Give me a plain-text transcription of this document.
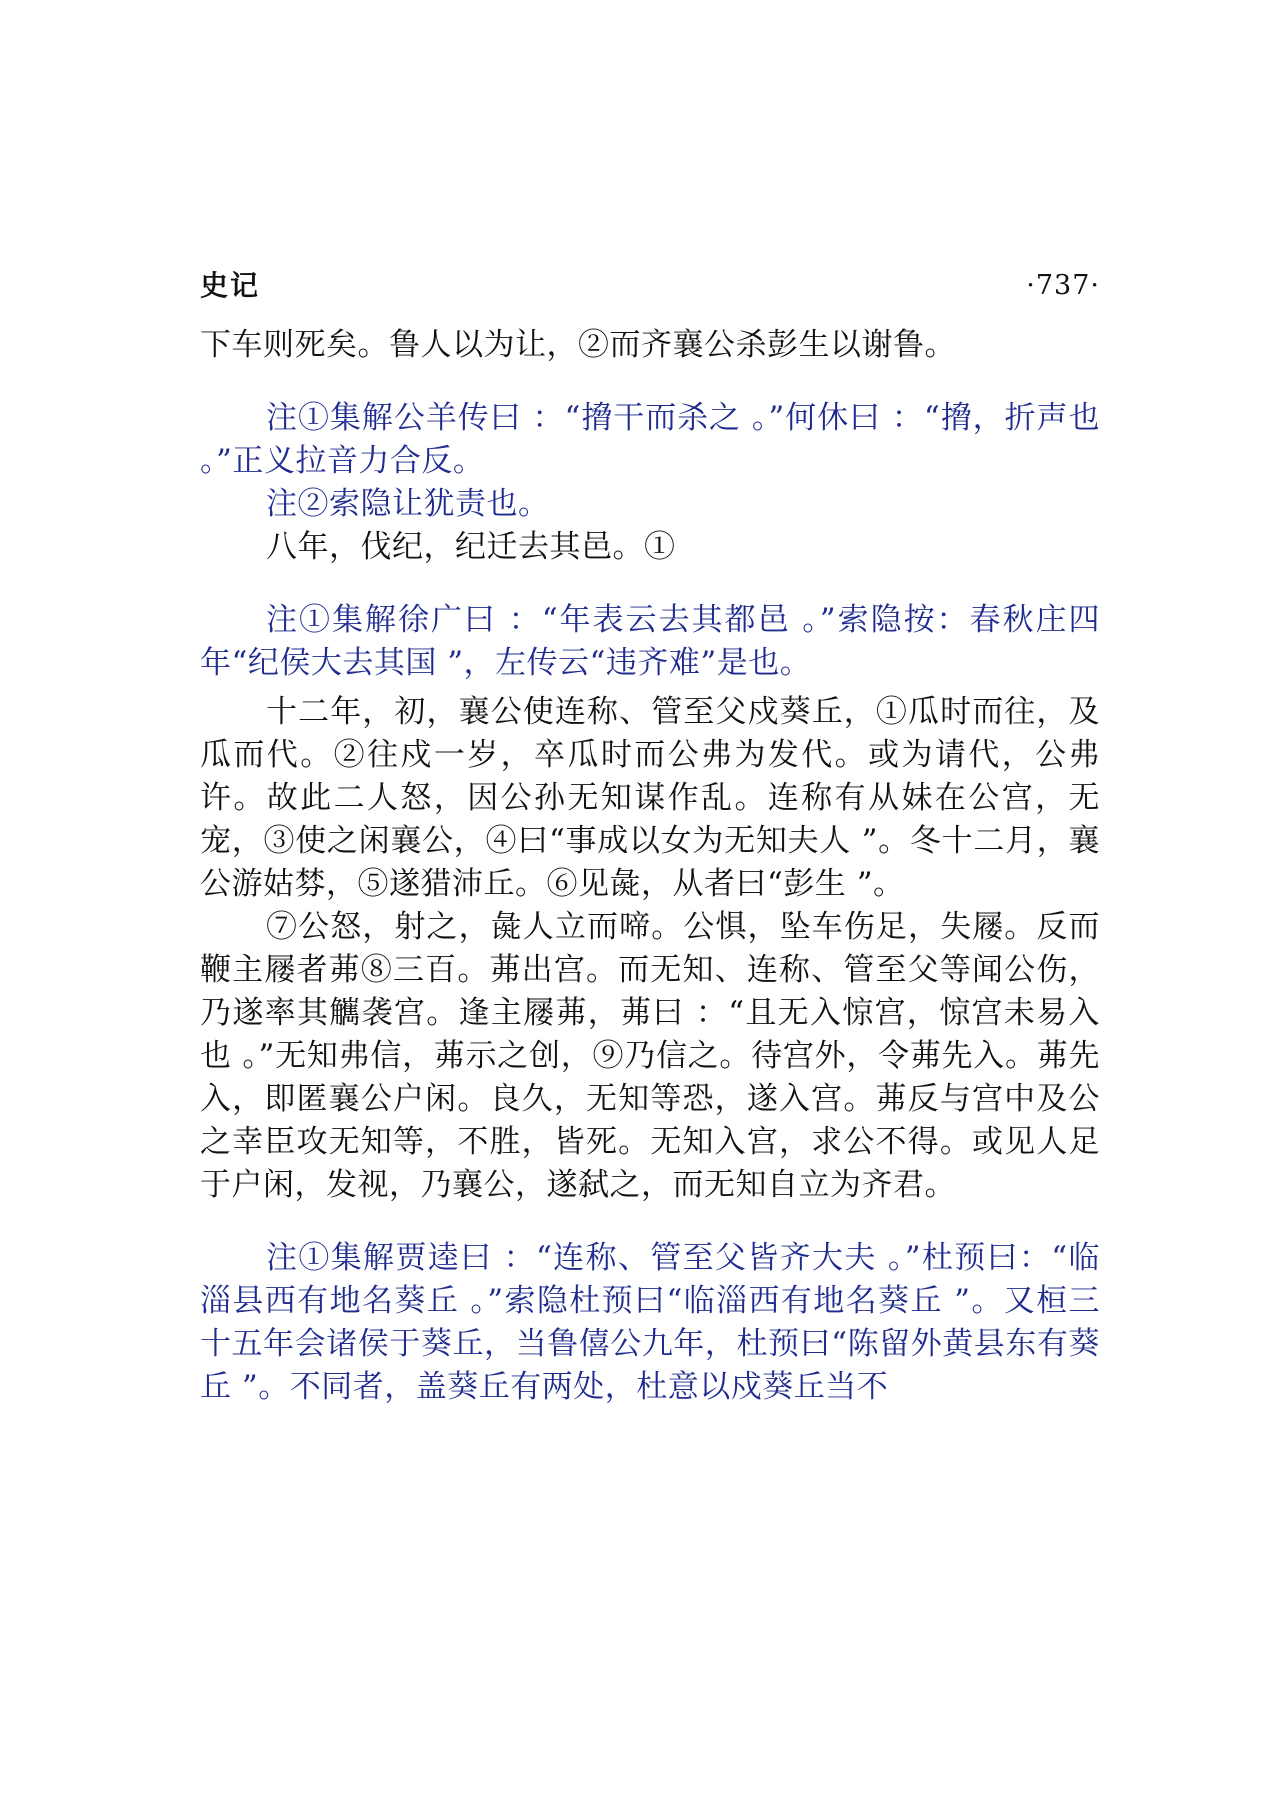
史记	·737·

下车则死矣。鲁人以为让，②而齐襄公杀彭生以谢鲁。

注①集解公羊传曰 ：“搚干而杀之 。”何休曰 ：“搚，折声也 。”正义拉音力合反。

注②索隐让犹责也。

八年，伐纪，纪迁去其邑。①

注①集解徐广曰 ：“年表云去其都邑 。”索隐按：春秋庄四年“纪侯大去其国 ”，左传云“违齐难”是也。

十二年，初，襄公使连称、管至父戍葵丘，①瓜时而往，及瓜而代。②往戍一岁，卒瓜时而公弗为发代。或为请代，公弗许。故此二人怒，因公孙无知谋作乱。连称有从妹在公宫，无宠，③使之闲襄公，④曰“事成以女为无知夫人 ”。冬十二月，襄公游姑棼，⑤遂猎沛丘。⑥见彘，从者曰“彭生 ”。

⑦公怒，射之，彘人立而啼。公惧，坠车伤足，失屦。反而鞭主屦者茀⑧三百。茀出宫。而无知、连称、管至父等闻公伤，乃遂率其觽袭宫。逢主屦茀，茀曰 ：“且无入惊宫，惊宫未易入也 。”无知弗信，茀示之创，⑨乃信之。待宫外，令茀先入。茀先入，即匿襄公户闲。良久，无知等恐，遂入宫。茀反与宫中及公之幸臣攻无知等，不胜，皆死。无知入宫，求公不得。或见人足于户闲，发视，乃襄公，遂弑之，而无知自立为齐君。

注①集解贾逵曰 ：“连称、管至父皆齐大夫 。”杜预曰：“临淄县西有地名葵丘 。”索隐杜预曰“临淄西有地名葵丘 ”。又桓三十五年会诸侯于葵丘，当鲁僖公九年，杜预曰“陈留外黄县东有葵丘 ”。不同者，盖葵丘有两处，杜意以戍葵丘当不
